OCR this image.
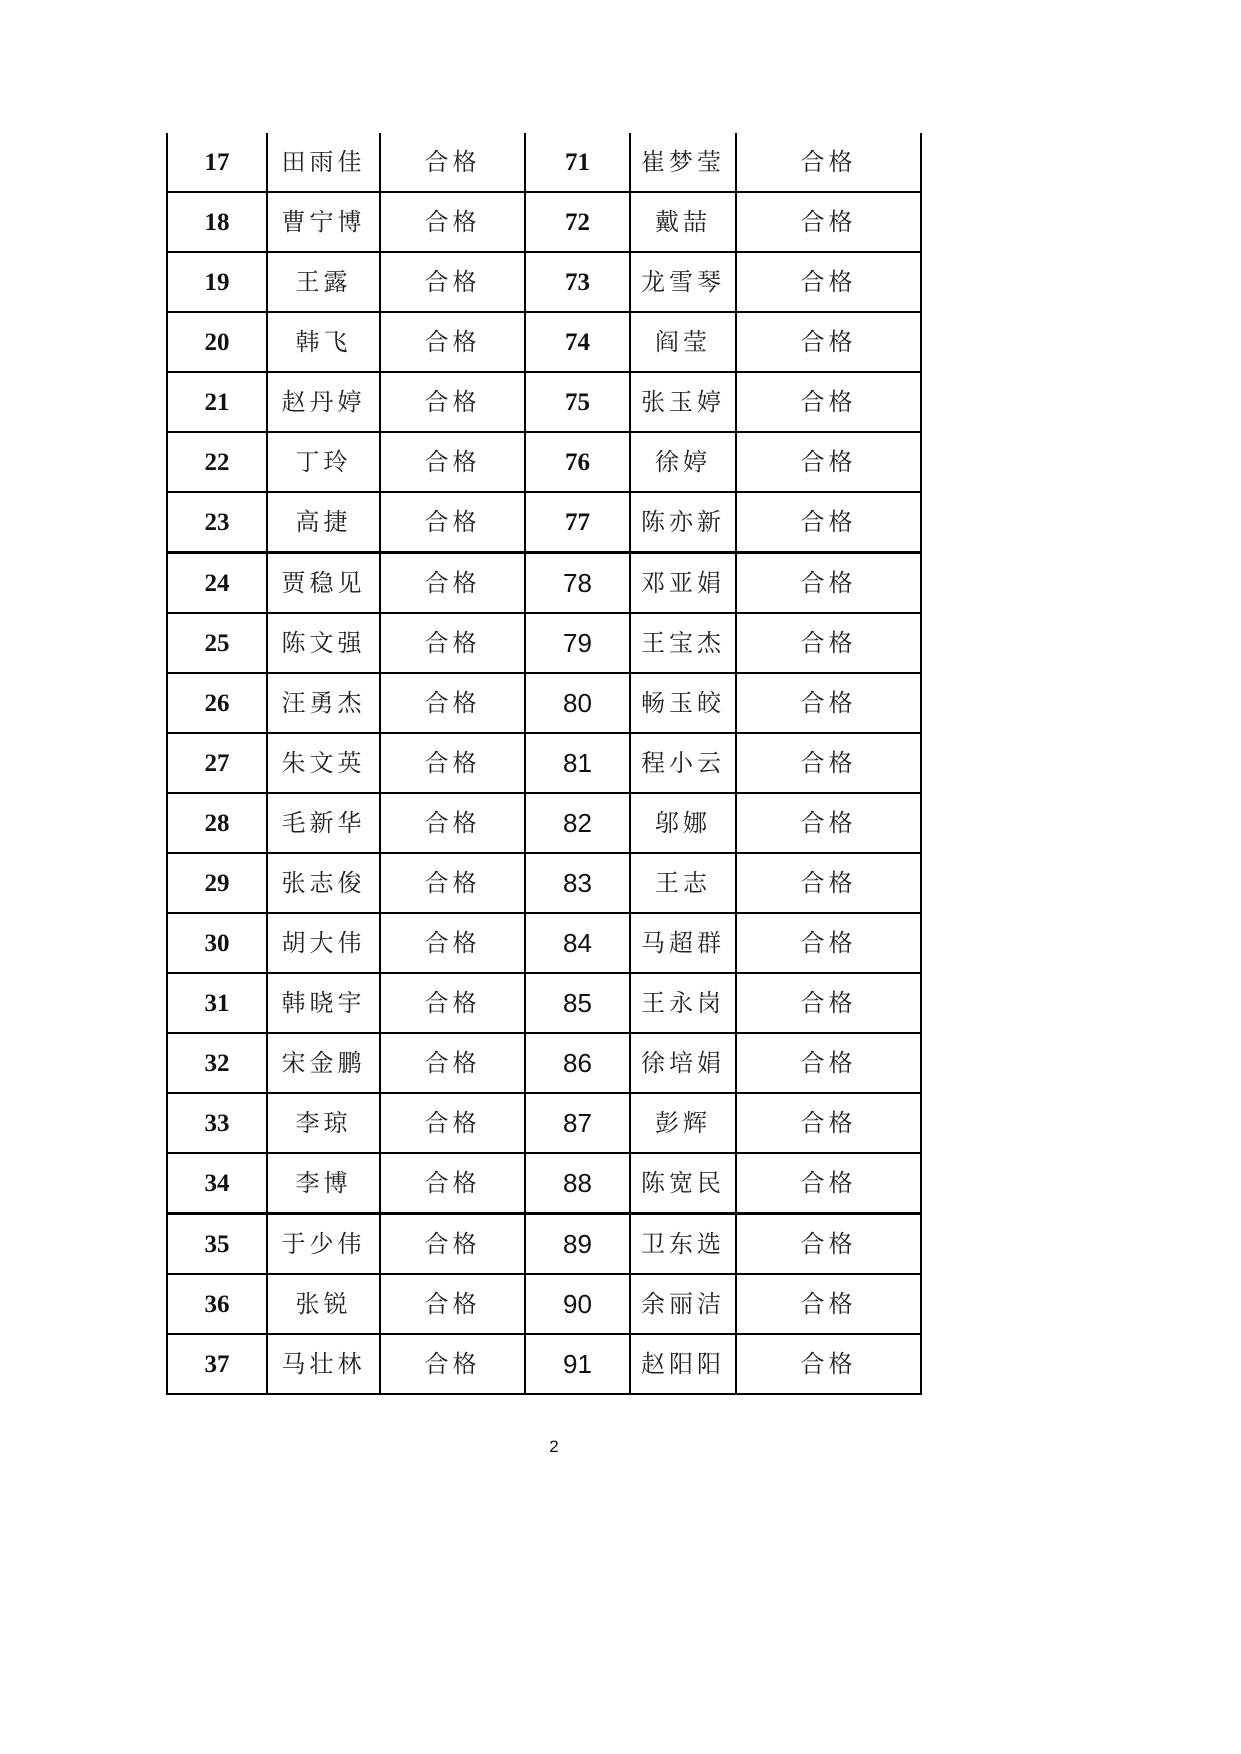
17	田雨佳	合格	71	崔梦莹	合格
18	曹宁博	合格	72	戴喆	合格
19	王露	合格	73	龙雪琴	合格
20	韩飞	合格	74	阎莹	合格
21	赵丹婷	合格	75	张玉婷	合格
22	丁玲	合格	76	徐婷	合格
23	高捷	合格	77	陈亦新	合格
24	贾稳见	合格	78	邓亚娟	合格
25	陈文强	合格	79	王宝杰	合格
26	汪勇杰	合格	80	畅玉皎	合格
27	朱文英	合格	81	程小云	合格
28	毛新华	合格	82	邬娜	合格
29	张志俊	合格	83	王志	合格
30	胡大伟	合格	84	马超群	合格
31	韩晓宇	合格	85	王永岗	合格
32	宋金鹏	合格	86	徐培娟	合格
33	李琼	合格	87	彭辉	合格
34	李博	合格	88	陈宽民	合格
35	于少伟	合格	89	卫东选	合格
36	张锐	合格	90	余丽洁	合格
37	马壮林	合格	91	赵阳阳	合格
2
